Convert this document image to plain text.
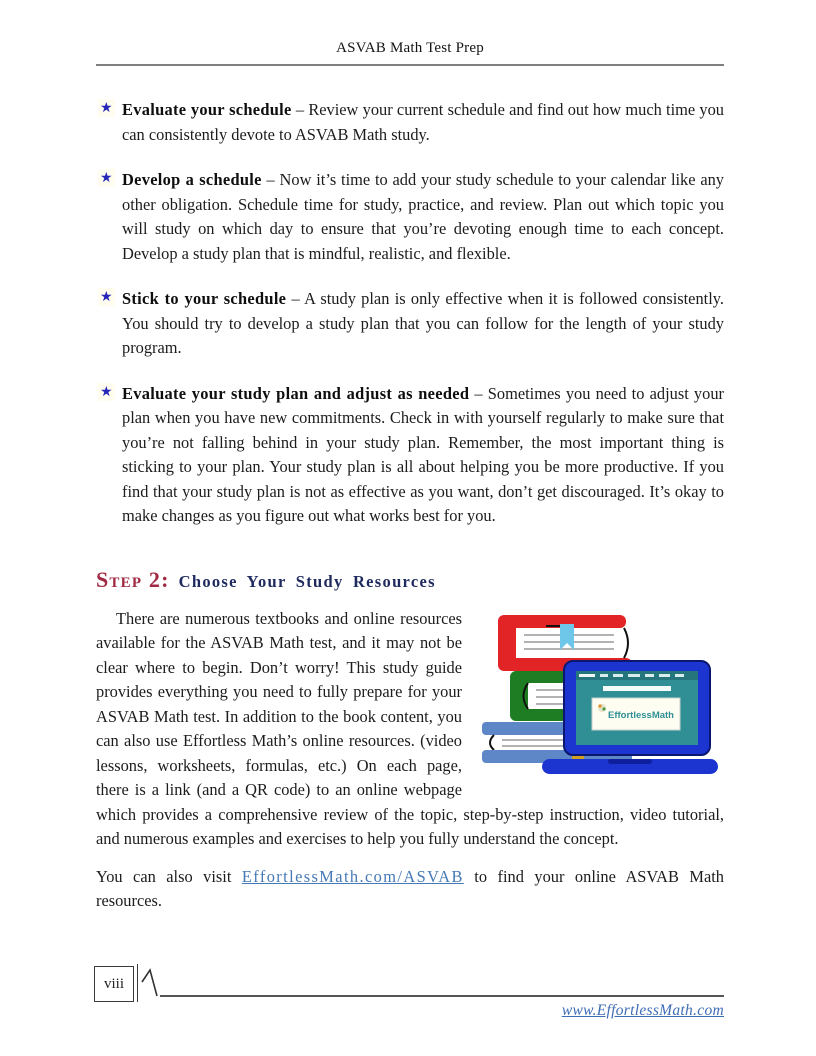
ASVAB Math Test Prep
★ Evaluate your schedule – Review your current schedule and find out how much time you can consistently devote to ASVAB Math study.
★ Develop a schedule – Now it’s time to add your study schedule to your calendar like any other obligation. Schedule time for study, practice, and review. Plan out which topic you will study on which day to ensure that you’re devoting enough time to each concept. Develop a study plan that is mindful, realistic, and flexible.
★ Stick to your schedule – A study plan is only effective when it is followed consistently. You should try to develop a study plan that you can follow for the length of your study program.
★ Evaluate your study plan and adjust as needed – Sometimes you need to adjust your plan when you have new commitments. Check in with yourself regularly to make sure that you’re not falling behind in your study plan. Remember, the most important thing is sticking to your plan. Your study plan is all about helping you be more productive. If you find that your study plan is not as effective as you want, don’t get discouraged. It’s okay to make changes as you figure out what works best for you.
Step 2: Choose Your Study Resources
EffortlessMath

There are numerous textbooks and online resources available for the ASVAB Math test, and it may not be clear where to begin. Don’t worry! This study guide provides everything you need to fully prepare for your ASVAB Math test. In addition to the book content, you can also use Effortless Math’s online resources. (video lessons, worksheets, formulas, etc.) On each page, there is a link (and a QR code) to an online webpage which provides a comprehensive review of the topic, step-by-step instruction, video tutorial, and numerous examples and exercises to help you fully understand the concept.

You can also visit EffortlessMath.com/ASVAB to find your online ASVAB Math resources.

viii
www.EffortlessMath.com
